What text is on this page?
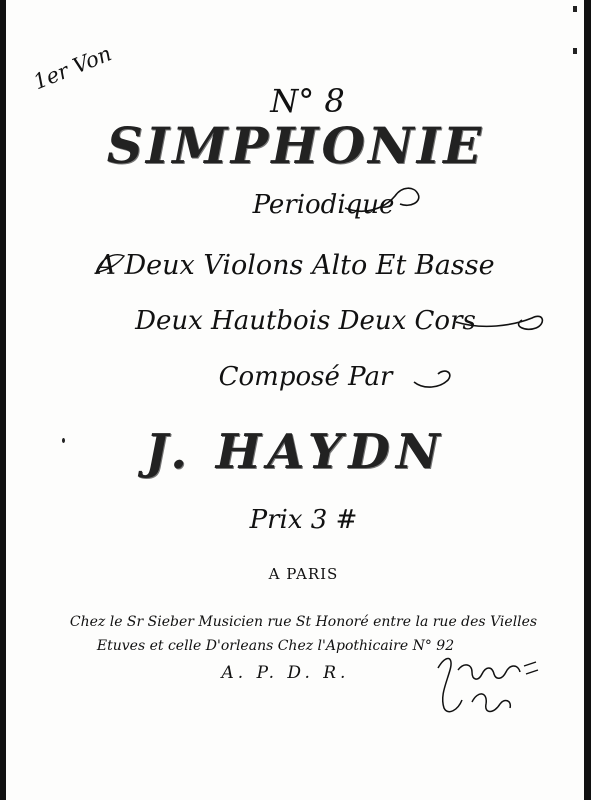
1er Von
N° 8
SIMPHONIE
Periodique
A Deux Violons Alto Et Basse
Deux Hautbois Deux Cors
Composé Par
J. HAYDN
Prix 3 #
A PARIS
Chez le Sr Sieber Musicien rue St Honoré entre la rue des Vielles
Etuves et celle D'orleans Chez l'Apothicaire N° 92
A. P. D. R.
